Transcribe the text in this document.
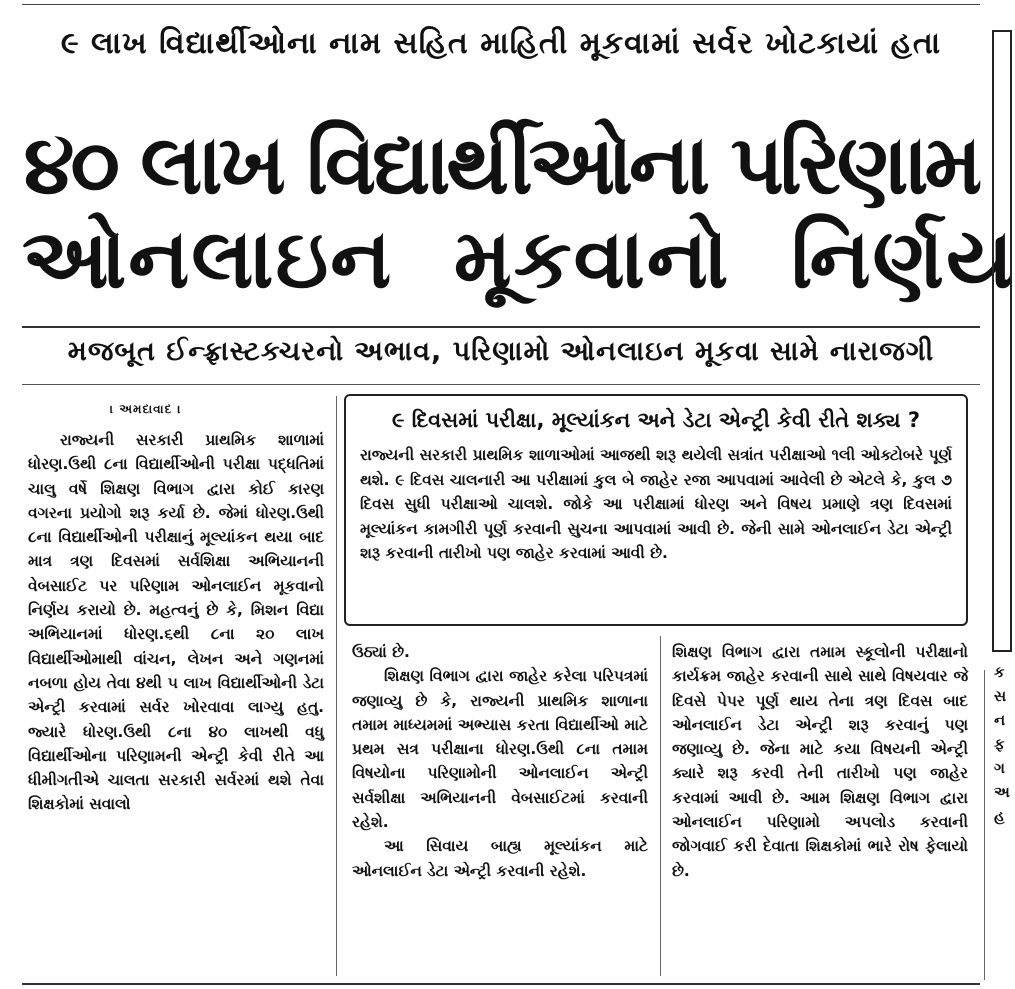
૯ લાખ વિદ્યાર્થીઓના નામ સહિત માહિતી મૂકવામાં સર્વર ખોટકાયાં હતા
૪૦ લાખ વિદ્યાર્થીઓના પરિણામ
ઓનલાઇન મૂકવાનો નિર્ણય
મજબૂત ઈન્ફ્રાસ્ટક્ચરનો અભાવ, પરિણામો ઓનલાઇન મૂકવા સામે નારાજગી
। અમદાવાદ ।

રાજ્યની સરકારી પ્રાથમિક શાળામાં ધોરણ.ઉથી ૮ના વિદ્યાર્થીઓની પરીક્ષા પદ્ધતિમાં ચાલુ વર્ષે શિક્ષણ વિભાગ દ્વારા કોઈ કારણ વગરના પ્રયોગો શરૂ કર્યા છે. જેમાં ધોરણ.ઉથી ૮ના વિદ્યાર્થીઓની પરીક્ષાનું મૂલ્યાંકન થયા બાદ માત્ર ત્રણ દિવસમાં સર્વશિક્ષા અભિયાનની વેબસાઈટ પર પરિણામ ઓનલાઈન મૂકવાનો નિર્ણય કરાયો છે. મહત્વનું છે કે, મિશન વિદ્યા અભિયાનમાં ધોરણ.૬થી ૮ના ૨૦ લાખ વિદ્યાર્થીઓમાથી વાંચન, લેખન અને ગણનમાં નબળા હોય તેવા ૪થી ૫ લાખ વિદ્યાર્થીઓની ડેટા એન્ટ્રી કરવામાં સર્વર ખોરવાવા લાગ્યુ હતુ. જ્યારે ધોરણ.ઉથી ૮ના ૪૦ લાખથી વધુ વિદ્યાર્થીઓના પરિણામની એન્ટ્રી કેવી રીતે આ ધીમીગતીએ ચાલતા સરકારી સર્વરમાં થશે તેવા શિક્ષકોમાં સવાલો

૯ દિવસમાં પરીક્ષા, મૂલ્યાંકન અને ડેટા એન્ટ્રી કેવી રીતે શક્ય ?
રાજ્યની સરકારી પ્રાથમિક શાળાઓમાં આજથી શરૂ થયેલી સત્રાંત પરીક્ષાઓ ૧લી ઓક્ટોબરે પૂર્ણ થશે. ૯ દિવસ ચાલનારી આ પરીક્ષામાં કુલ બે જાહેર રજા આપવામાં આવેલી છે એટલે કે, કુલ ૭ દિવસ સુધી પરીક્ષાઓ ચાલશે. જોકે આ પરીક્ષામાં ધોરણ અને વિષય પ્રમાણે ત્રણ દિવસમાં મૂલ્યાંકન કામગીરી પૂર્ણ કરવાની સુચના આપવામાં આવી છે. જેની સામે ઓનલાઈન ડેટા એન્ટ્રી શરૂ કરવાની તારીખો પણ જાહેર કરવામાં આવી છે.

ઉઠ્યાં છે.

શિક્ષણ વિભાગ દ્વારા જાહેર કરેલા પરિપત્રમાં જણાવ્યુ છે કે, રાજ્યની પ્રાથમિક શાળાના તમામ માધ્યમમાં અભ્યાસ કરતા વિદ્યાર્થીઓ માટે પ્રથમ સત્ર પરીક્ષાના ધોરણ.ઉથી ૮ના તમામ વિષયોના પરિણામોની ઓનલાઈન એન્ટ્રી સર્વશીક્ષા અભિયાનની વેબસાઈટમાં કરવાની રહેશે.

આ સિવાય બાહ્ય મૂલ્યાંકન માટે ઓનલાઈન ડેટા એન્ટ્રી કરવાની રહેશે.

શિક્ષણ વિભાગ દ્વારા તમામ સ્કૂલોની પરીક્ષાનો કાર્યક્રમ જાહેર કરવાની સાથે સાથે વિષયવાર જે દિવસે પેપર પૂર્ણ થાય તેના ત્રણ દિવસ બાદ ઓનલાઈન ડેટા એન્ટ્રી શરૂ કરવાનું પણ જણાવ્યુ છે. જેના માટે કયા વિષયની એન્ટ્રી ક્યારે શરૂ કરવી તેની તારીખો પણ જાહેર કરવામાં આવી છે. આમ શિક્ષણ વિભાગ દ્વારા ઓનલાઈન પરિણામો અપલોડ કરવાની જોગવાઈ કરી દેવાતા શિક્ષકોમાં ભારે રોષ ફેલાયો છે.

ક સ ન ફ ગ અ હ
